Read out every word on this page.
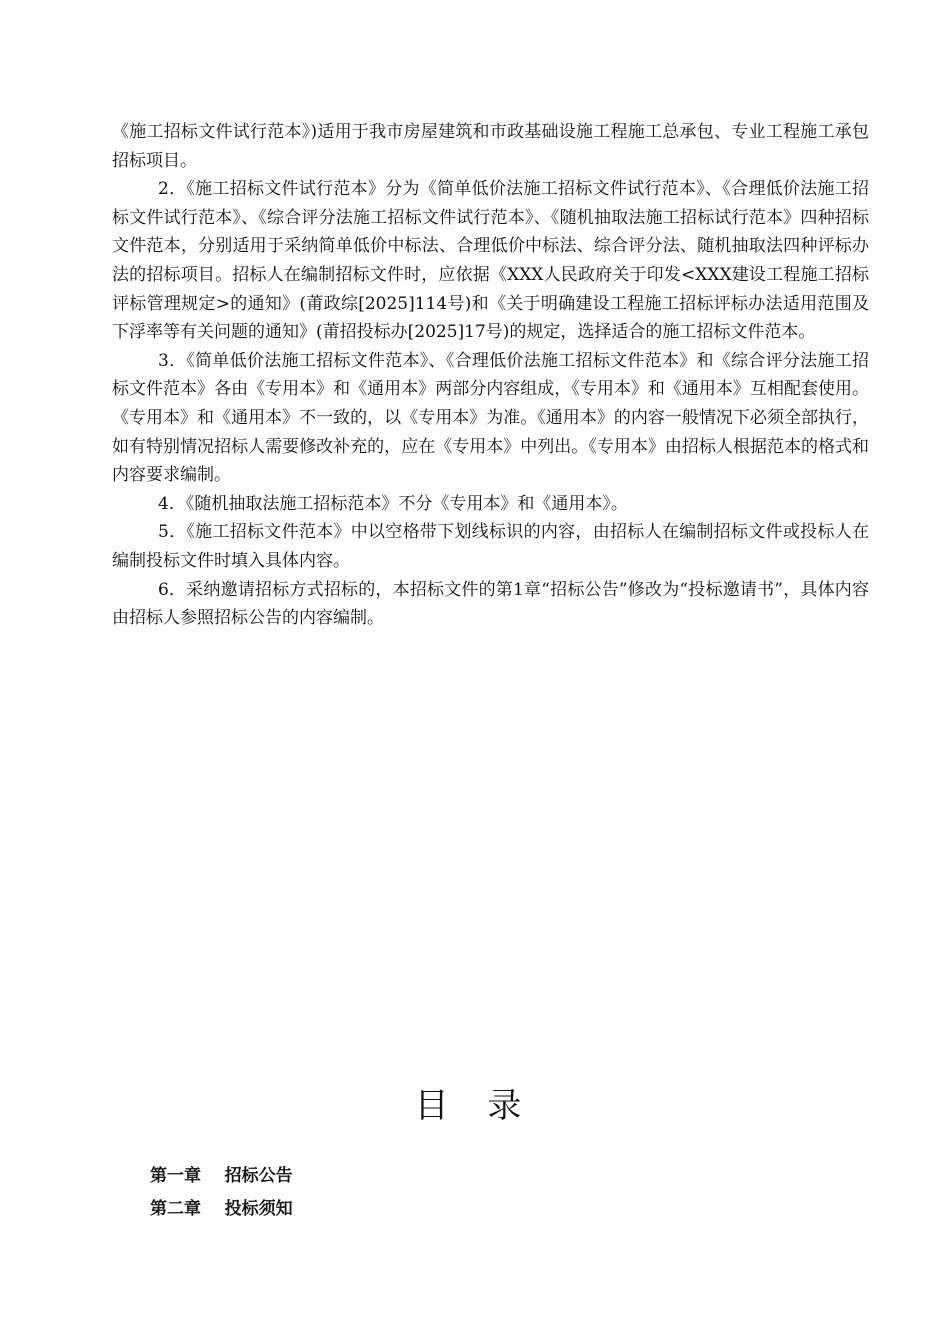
《施工招标文件试行范本》)适用于我市房屋建筑和市政基础设施工程施工总承包、专业工程施工承包招标项目。

2．《施工招标文件试行范本》分为《简单低价法施工招标文件试行范本》、《合理低价法施工招标文件试行范本》、《综合评分法施工招标文件试行范本》、《随机抽取法施工招标试行范本》四种招标文件范本，分别适用于采纳简单低价中标法、合理低价中标法、综合评分法、随机抽取法四种评标办法的招标项目。招标人在编制招标文件时，应依据《XXX人民政府关于印发<XXX建设工程施工招标评标管理规定>的通知》(莆政综[2025]114号)和《关于明确建设工程施工招标评标办法适用范围及下浮率等有关问题的通知》(莆招投标办[2025]17号)的规定，选择适合的施工招标文件范本。

3．《简单低价法施工招标文件范本》、《合理低价法施工招标文件范本》和《综合评分法施工招标文件范本》各由《专用本》和《通用本》两部分内容组成，《专用本》和《通用本》互相配套使用。《专用本》和《通用本》不一致的，以《专用本》为准。《通用本》的内容一般情况下必须全部执行，如有特别情况招标人需要修改补充的，应在《专用本》中列出。《专用本》由招标人根据范本的格式和内容要求编制。

4．《随机抽取法施工招标范本》不分《专用本》和《通用本》。

5．《施工招标文件范本》中以空格带下划线标识的内容，由招标人在编制招标文件或投标人在编制投标文件时填入具体内容。

6．采纳邀请招标方式招标的，本招标文件的第1章“招标公告”修改为“投标邀请书”，具体内容由招标人参照招标公告的内容编制。

目 录
第一章    招标公告
第二章    投标须知
